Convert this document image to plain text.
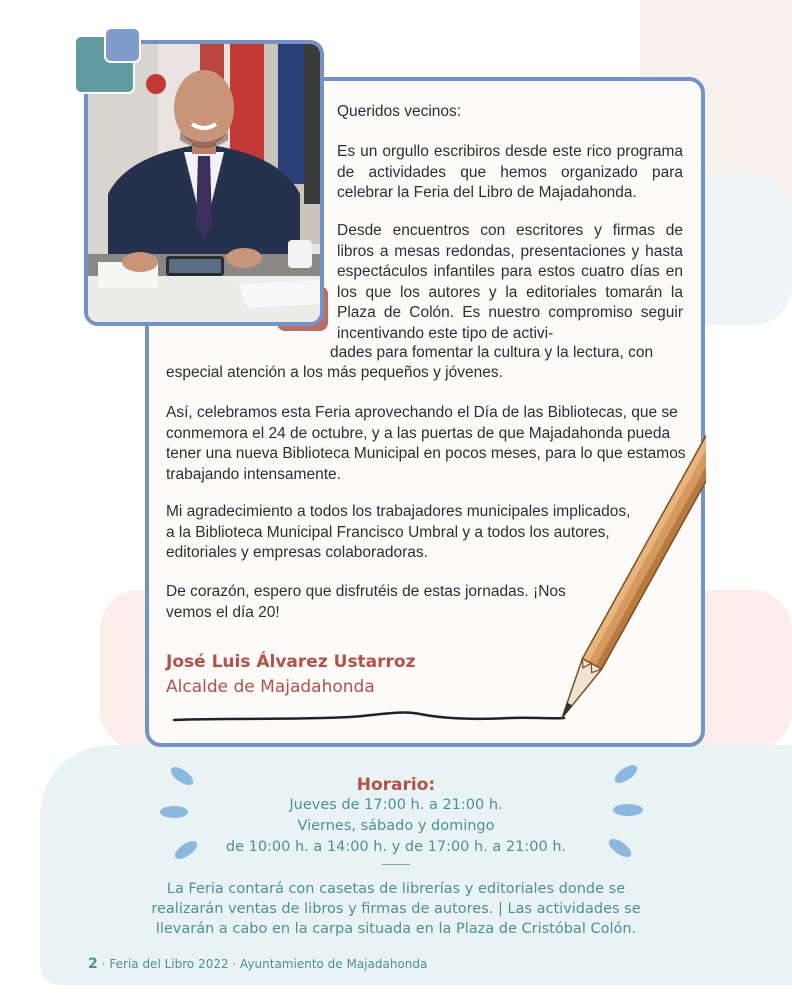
Queridos vecinos:

Es un orgullo escribiros desde este rico programa de actividades que hemos organizado para celebrar la Feria del Libro de Majadahonda.

Desde encuentros con escritores y firmas de libros a mesas redondas, presentaciones y hasta espectáculos infantiles para estos cuatro días en los que los autores y la editoriales tomarán la Plaza de Colón. Es nuestro compromiso seguir incentivando este tipo de activi-

dades para fomentar la cultura y la lectura, con

especial atención a los más pequeños y jóvenes.

Así, celebramos esta Feria aprovechando el Día de las Bibliotecas, que se conmemora el 24 de octubre, y a las puertas de que Majadahonda pueda tener una nueva Biblioteca Municipal en pocos meses, para lo que estamos trabajando intensamente.

Mi agradecimiento a todos los trabajadores municipales implicados, a la Biblioteca Municipal Francisco Umbral y a todos los autores, editoriales y empresas colaboradoras.

De corazón, espero que disfrutéis de estas jornadas. ¡Nos vemos el día 20!

José Luis Álvarez Ustarroz
Alcalde de Majadahonda
Horario:
Jueves de 17:00 h. a 21:00 h.
Viernes, sábado y domingo
de 10:00 h. a 14:00 h. y de 17:00 h. a 21:00 h.
La Feria contará con casetas de librerías y editoriales donde se
realizarán ventas de libros y firmas de autores. | Las actividades se
llevarán a cabo en la carpa situada en la Plaza de Cristóbal Colón.
2 · Feria del Libro 2022 · Ayuntamiento de Majadahonda
